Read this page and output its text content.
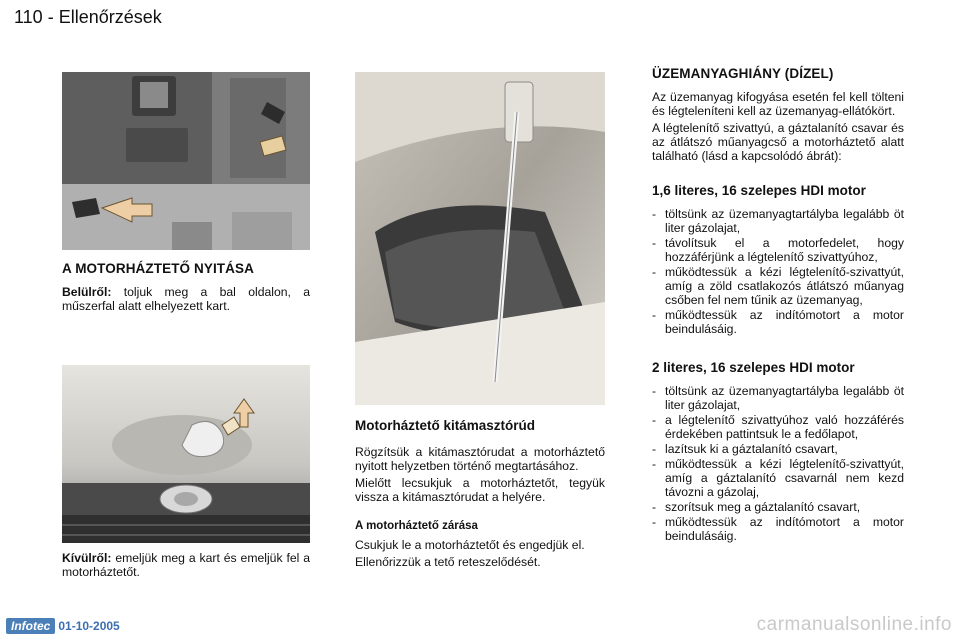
110 - Ellenőrzések

A MOTORHÁZTETŐ NYITÁSA

Belülről: toljuk meg a bal oldalon, a műszerfal alatt elhelyezett kart.

Kívülről: emeljük meg a kart és emeljük fel a motorháztetőt.

Motorháztető kitámasztórúd

Rögzítsük a kitámasztórudat a motorháztető nyitott helyzetben történő megtartásához.

Mielőtt lecsukjuk a motorháztetőt, tegyük vissza a kitámasztórudat a helyére.

A motorháztető zárása

Csukjuk le a motorháztetőt és engedjük el.

Ellenőrizzük a tető reteszelődését.

ÜZEMANYAGHIÁNY (DÍZEL)

Az üzemanyag kifogyása esetén fel kell tölteni és légteleníteni kell az üzemanyag-ellátókört.

A légtelenítő szivattyú, a gáztalanító csavar és az átlátszó műanyagcső a motorháztető alatt található (lásd a kapcsolódó ábrát):

1,6 literes, 16 szelepes HDI motor

- töltsünk az üzemanyagtartályba legalább öt liter gázolajat,
- távolítsuk el a motorfedelet, hogy hozzáférjünk a légtelenítő szivattyúhoz,
- működtessük a kézi légtelenítő-szivattyút, amíg a zöld csatlakozós átlátszó műanyag csőben fel nem tűnik az üzemanyag,
- működtessük az indítómotort a motor beindulásáig.

2 literes, 16 szelepes HDI motor

- töltsünk az üzemanyagtartályba legalább öt liter gázolajat,
- a légtelenítő szivattyúhoz való hozzáférés érdekében pattintsuk le a fedőlapot,
- lazítsuk ki a gáztalanító csavart,
- működtessük a kézi légtelenítő-szivattyút, amíg a gáztalanító csavarnál nem kezd távozni a gázolaj,
- szorítsuk meg a gáztalanító csavart,
- működtessük az indítómotort a motor beindulásáig.
Infotec 01-10-2005	carmanualsonline.info
